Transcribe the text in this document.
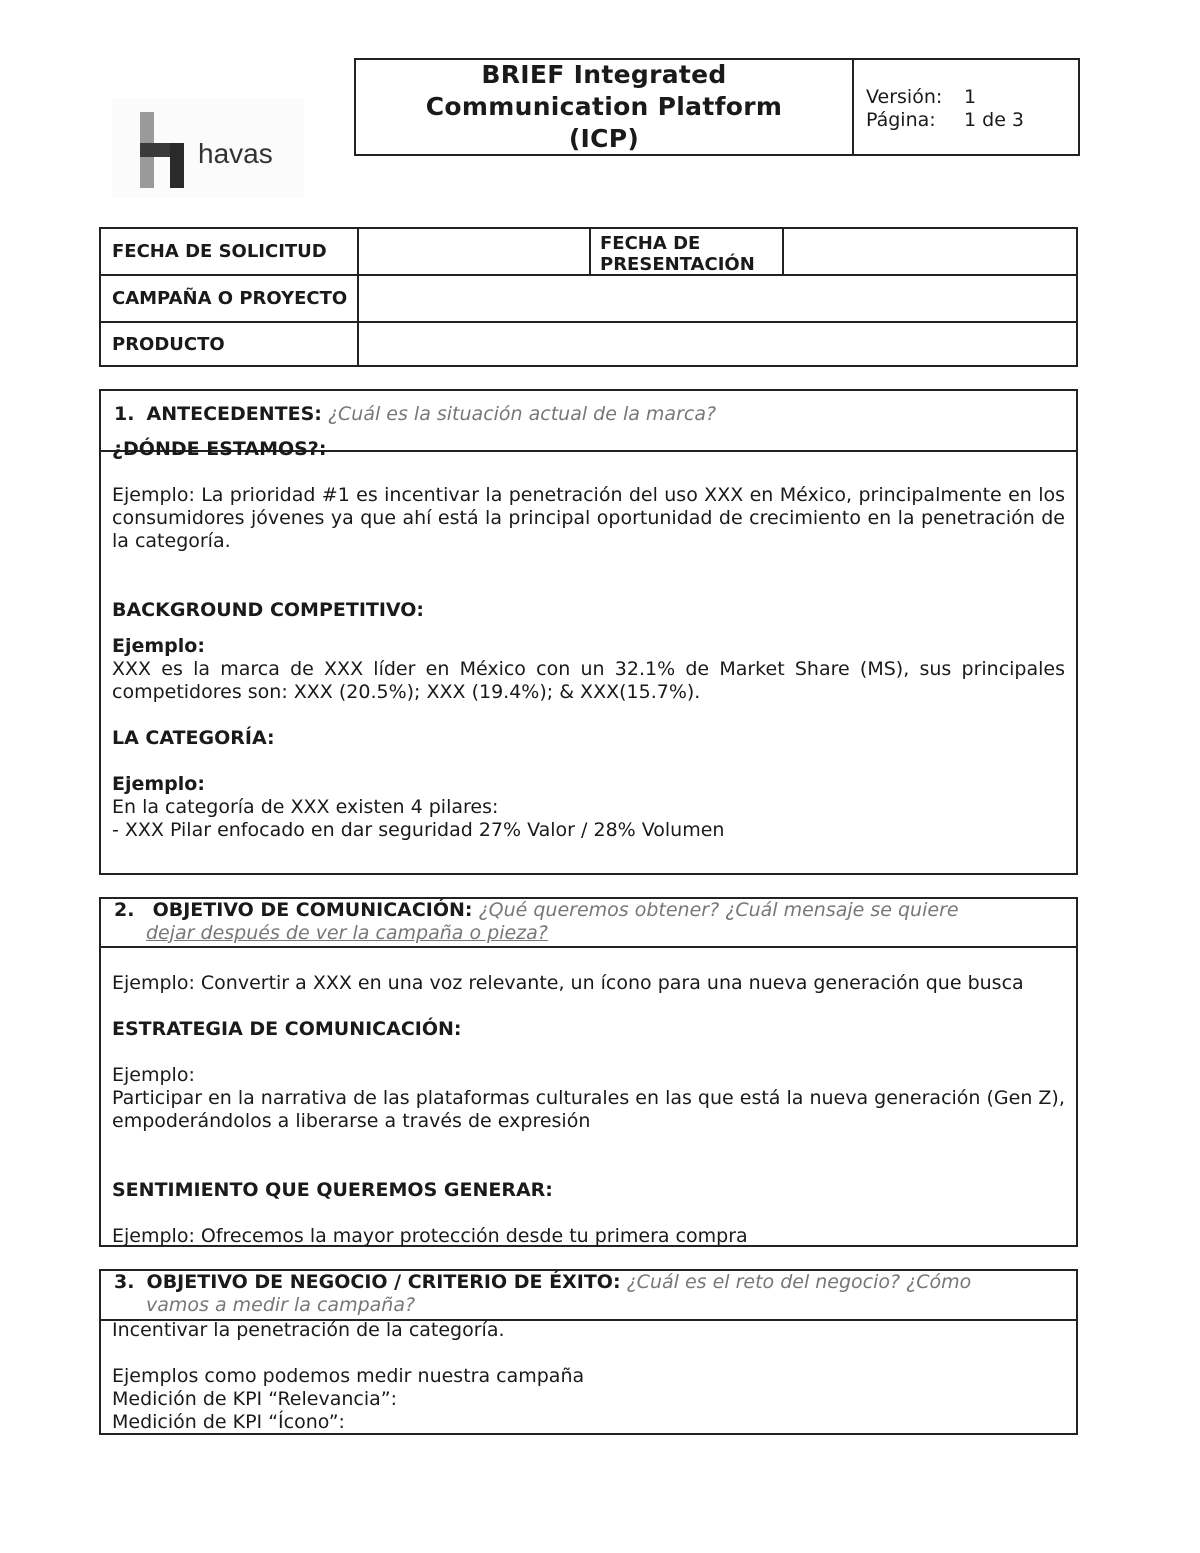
havas
BRIEF Integrated Communication Platform (ICP)
Versión:	1
Página:	1 de 3
FECHA DE SOLICITUD	FECHA DE PRESENTACIÓN
CAMPAÑA O PROYECTO
PRODUCTO
1. ANTECEDENTES: ¿Cuál es la situación actual de la marca?

¿DÓNDE ESTAMOS?:

Ejemplo: La prioridad #1 es incentivar la penetración del uso XXX en México, principalmente en los consumidores jóvenes ya que ahí está la principal oportunidad de crecimiento en la penetración de la categoría.

BACKGROUND COMPETITIVO:

Ejemplo:

XXX es la marca de XXX líder en México con un 32.1% de Market Share (MS), sus principales competidores son: XXX (20.5%); XXX (19.4%); & XXX(15.7%).

LA CATEGORÍA:

Ejemplo:

En la categoría de XXX existen 4 pilares:

- XXX Pilar enfocado en dar seguridad 27% Valor / 28% Volumen

2. OBJETIVO DE COMUNICACIÓN: ¿Qué queremos obtener? ¿Cuál mensaje se quiere
dejar después de ver la campaña o pieza?

Ejemplo: Convertir a XXX en una voz relevante, un ícono para una nueva generación que busca

ESTRATEGIA DE COMUNICACIÓN:

Ejemplo:

Participar en la narrativa de las plataformas culturales en las que está la nueva generación (Gen Z), empoderándolos a liberarse a través de expresión

SENTIMIENTO QUE QUEREMOS GENERAR:

Ejemplo: Ofrecemos la mayor protección desde tu primera compra

3. OBJETIVO DE NEGOCIO / CRITERIO DE ÉXITO: ¿Cuál es el reto del negocio? ¿Cómo
vamos a medir la campaña?

Incentivar la penetración de la categoría.

Ejemplos como podemos medir nuestra campaña

Medición de KPI “Relevancia”:

Medición de KPI “Ícono”:
